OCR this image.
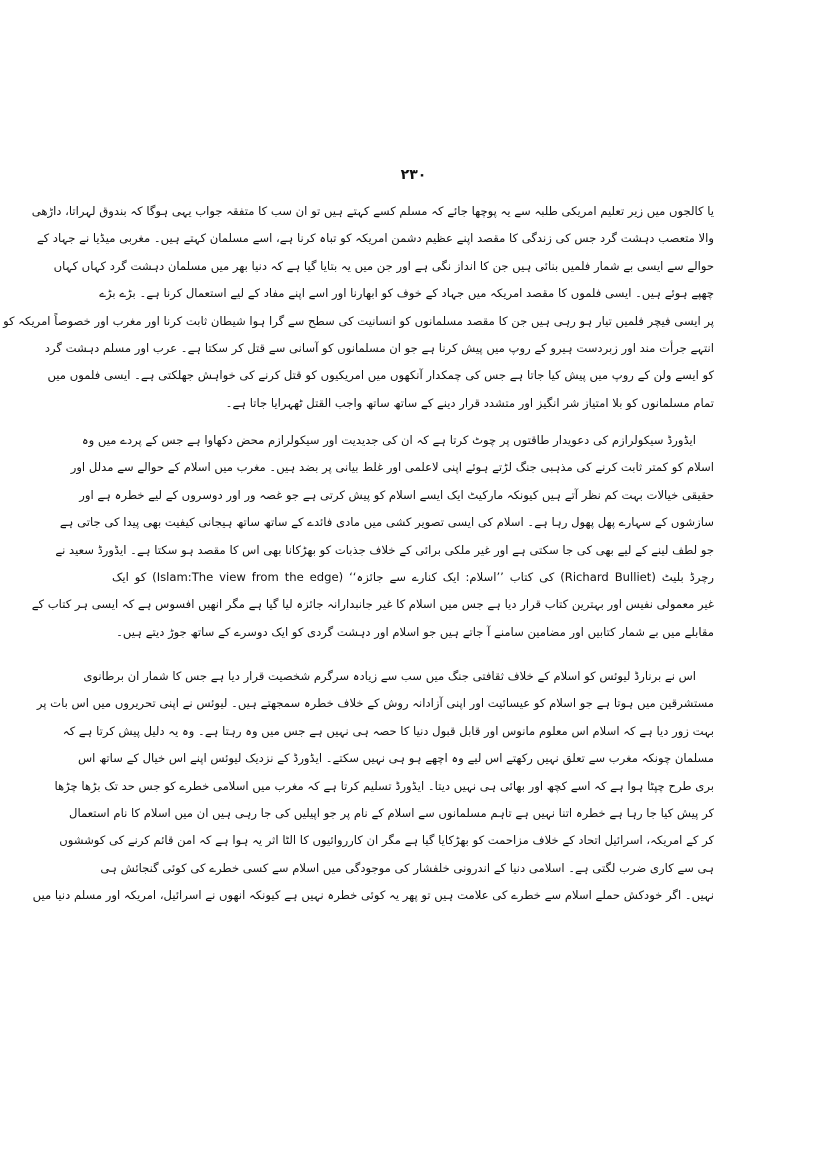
۲۳۰
یا کالجوں میں زیر تعلیم امریکی طلبہ سے یہ پوچھا جائے کہ مسلم کسے کہتے ہیں تو ان سب کا متفقہ جواب یہی ہوگا کہ بندوق لہراتا، داڑھی
والا متعصب دہشت گرد جس کی زندگی کا مقصد اپنے عظیم دشمن امریکہ کو تباہ کرنا ہے، اسے مسلمان کہتے ہیں۔ مغربی میڈیا نے جہاد کے
حوالے سے ایسی بے شمار فلمیں بنائی ہیں جن کا انداز نگی ہے اور جن میں یہ بتایا گیا ہے کہ دنیا بھر میں مسلمان دہشت گرد کہاں کہاں
چھپے ہوئے ہیں۔ ایسی فلموں کا مقصد امریکہ میں جہاد کے خوف کو ابھارنا اور اسے اپنے مفاد کے لیے استعمال کرنا ہے۔ بڑے بڑے
پر ایسی فیچر فلمیں تیار ہو رہی ہیں جن کا مقصد مسلمانوں کو انسانیت کی سطح سے گرا ہوا شیطان ثابت کرنا اور مغرب اور خصوصاً امریکہ کو
انتہے جرأت مند اور زبردست ہیرو کے روپ میں پیش کرنا ہے جو ان مسلمانوں کو آسانی سے قتل کر سکتا ہے۔ عرب اور مسلم دہشت گرد
کو ایسے ولن کے روپ میں پیش کیا جاتا ہے جس کی چمکدار آنکھوں میں امریکیوں کو قتل کرنے کی خواہش جھلکتی ہے۔ ایسی فلموں میں
تمام مسلمانوں کو بلا امتیاز شر انگیز اور متشدد قرار دینے کے ساتھ ساتھ واجب القتل ٹھہرایا جاتا ہے۔
ایڈورڈ سیکولرازم کی دعویدار طاقتوں پر چوٹ کرتا ہے کہ ان کی جدیدیت اور سیکولرازم محض دکھاوا ہے جس کے پردے میں وہ
اسلام کو کمتر ثابت کرنے کی مذہبی جنگ لڑتے ہوئے اپنی لاعلمی اور غلط بیانی پر بضد ہیں۔ مغرب میں اسلام کے حوالے سے مدلل اور
حقیقی خیالات بہت کم نظر آتے ہیں کیونکہ مارکیٹ ایک ایسے اسلام کو پیش کرتی ہے جو غصہ ور اور دوسروں کے لیے خطرہ ہے اور
سازشوں کے سہارے پھل پھول رہا ہے۔ اسلام کی ایسی تصویر کشی میں مادی فائدے کے ساتھ ساتھ ہیجانی کیفیت بھی پیدا کی جاتی ہے
جو لطف لینے کے لیے بھی کی جا سکتی ہے اور غیر ملکی برائی کے خلاف جذبات کو بھڑکانا بھی اس کا مقصد ہو سکتا ہے۔ ایڈورڈ سعید نے
رچرڈ بلیٹ (Richard Bulliet) کی کتاب ’’اسلام: ایک کنارے سے جائزہ‘‘ (Islam:The view from the edge) کو ایک
غیر معمولی نفیس اور بہترین کتاب قرار دیا ہے جس میں اسلام کا غیر جانبدارانہ جائزہ لیا گیا ہے مگر انھیں افسوس ہے کہ ایسی ہر کتاب کے
مقابلے میں بے شمار کتابیں اور مضامین سامنے آ جاتے ہیں جو اسلام اور دہشت گردی کو ایک دوسرے کے ساتھ جوڑ دیتے ہیں۔
اس نے برنارڈ لیوئس کو اسلام کے خلاف ثقافتی جنگ میں سب سے زیادہ سرگرم شخصیت قرار دیا ہے جس کا شمار ان برطانوی
مستشرقین میں ہوتا ہے جو اسلام کو عیسائیت اور اپنی آزادانہ روش کے خلاف خطرہ سمجھتے ہیں۔ لیوئس نے اپنی تحریروں میں اس بات پر
بہت زور دیا ہے کہ اسلام اس معلوم مانوس اور قابل قبول دنیا کا حصہ ہی نہیں ہے جس میں وہ رہتا ہے۔ وہ یہ دلیل پیش کرتا ہے کہ
مسلمان چونکہ مغرب سے تعلق نہیں رکھتے اس لیے وہ اچھے ہو ہی نہیں سکتے۔ ایڈورڈ کے نزدیک لیوئس اپنے اس خیال کے ساتھ اس
بری طرح چپٹا ہوا ہے کہ اسے کچھ اور بھائی ہی نہیں دیتا۔ ایڈورڈ تسلیم کرتا ہے کہ مغرب میں اسلامی خطرے کو جس حد تک بڑھا چڑھا
کر پیش کیا جا رہا ہے خطرہ اتنا نہیں ہے تاہم مسلمانوں سے اسلام کے نام پر جو اپیلیں کی جا رہی ہیں ان میں اسلام کا نام استعمال
کر کے امریکہ، اسرائیل اتحاد کے خلاف مزاحمت کو بھڑکایا گیا ہے مگر ان کارروائیوں کا الٹا اثر یہ ہوا ہے کہ امن قائم کرنے کی کوششوں
ہی سے کاری ضرب لگتی ہے۔ اسلامی دنیا کے اندرونی خلفشار کی موجودگی میں اسلام سے کسی خطرے کی کوئی گنجائش ہی
نہیں۔ اگر خودکش حملے اسلام سے خطرے کی علامت ہیں تو پھر یہ کوئی خطرہ نہیں ہے کیونکہ انھوں نے اسرائیل، امریکہ اور مسلم دنیا میں
